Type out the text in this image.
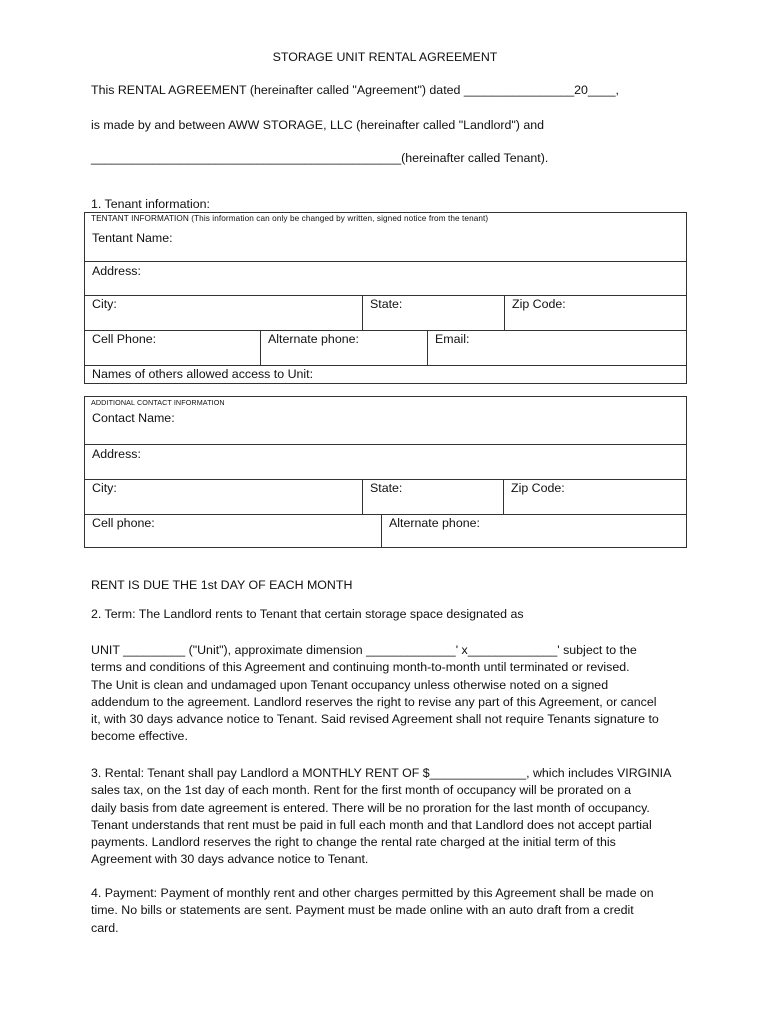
STORAGE UNIT RENTAL AGREEMENT
This RENTAL AGREEMENT (hereinafter called "Agreement") dated ________________20____,
is made by and between AWW STORAGE, LLC (hereinafter called "Landlord") and
_____________________________________________(hereinafter called Tenant).
1. Tenant information:
TENTANT INFORMATION (This information can only be changed by written, signed notice from the tenant)
Tentant Name:
Address:
City:	State:	Zip Code:
Cell Phone:	Alternate phone:	Email:
Names of others allowed access to Unit:
ADDITIONAL CONTACT INFORMATION
Contact Name:
Address:
City:	State:	Zip Code:
Cell phone:	Alternate phone:
RENT IS DUE THE 1st DAY OF EACH MONTH
2. Term: The Landlord rents to Tenant that certain storage space designated as
UNIT _________ ("Unit"), approximate dimension _____________' x_____________' subject to the
terms and conditions of this Agreement and continuing month-to-month until terminated or revised.
The Unit is clean and undamaged upon Tenant occupancy unless otherwise noted on a signed
addendum to the agreement. Landlord reserves the right to revise any part of this Agreement, or cancel
it, with 30 days advance notice to Tenant. Said revised Agreement shall not require Tenants signature to
become effective.
3. Rental: Tenant shall pay Landlord a MONTHLY RENT OF $______________, which includes VIRGINIA
sales tax, on the 1st day of each month. Rent for the first month of occupancy will be prorated on a
daily basis from date agreement is entered. There will be no proration for the last month of occupancy.
Tenant understands that rent must be paid in full each month and that Landlord does not accept partial
payments. Landlord reserves the right to change the rental rate charged at the initial term of this
Agreement with 30 days advance notice to Tenant.
4. Payment: Payment of monthly rent and other charges permitted by this Agreement shall be made on
time. No bills or statements are sent. Payment must be made online with an auto draft from a credit
card.
